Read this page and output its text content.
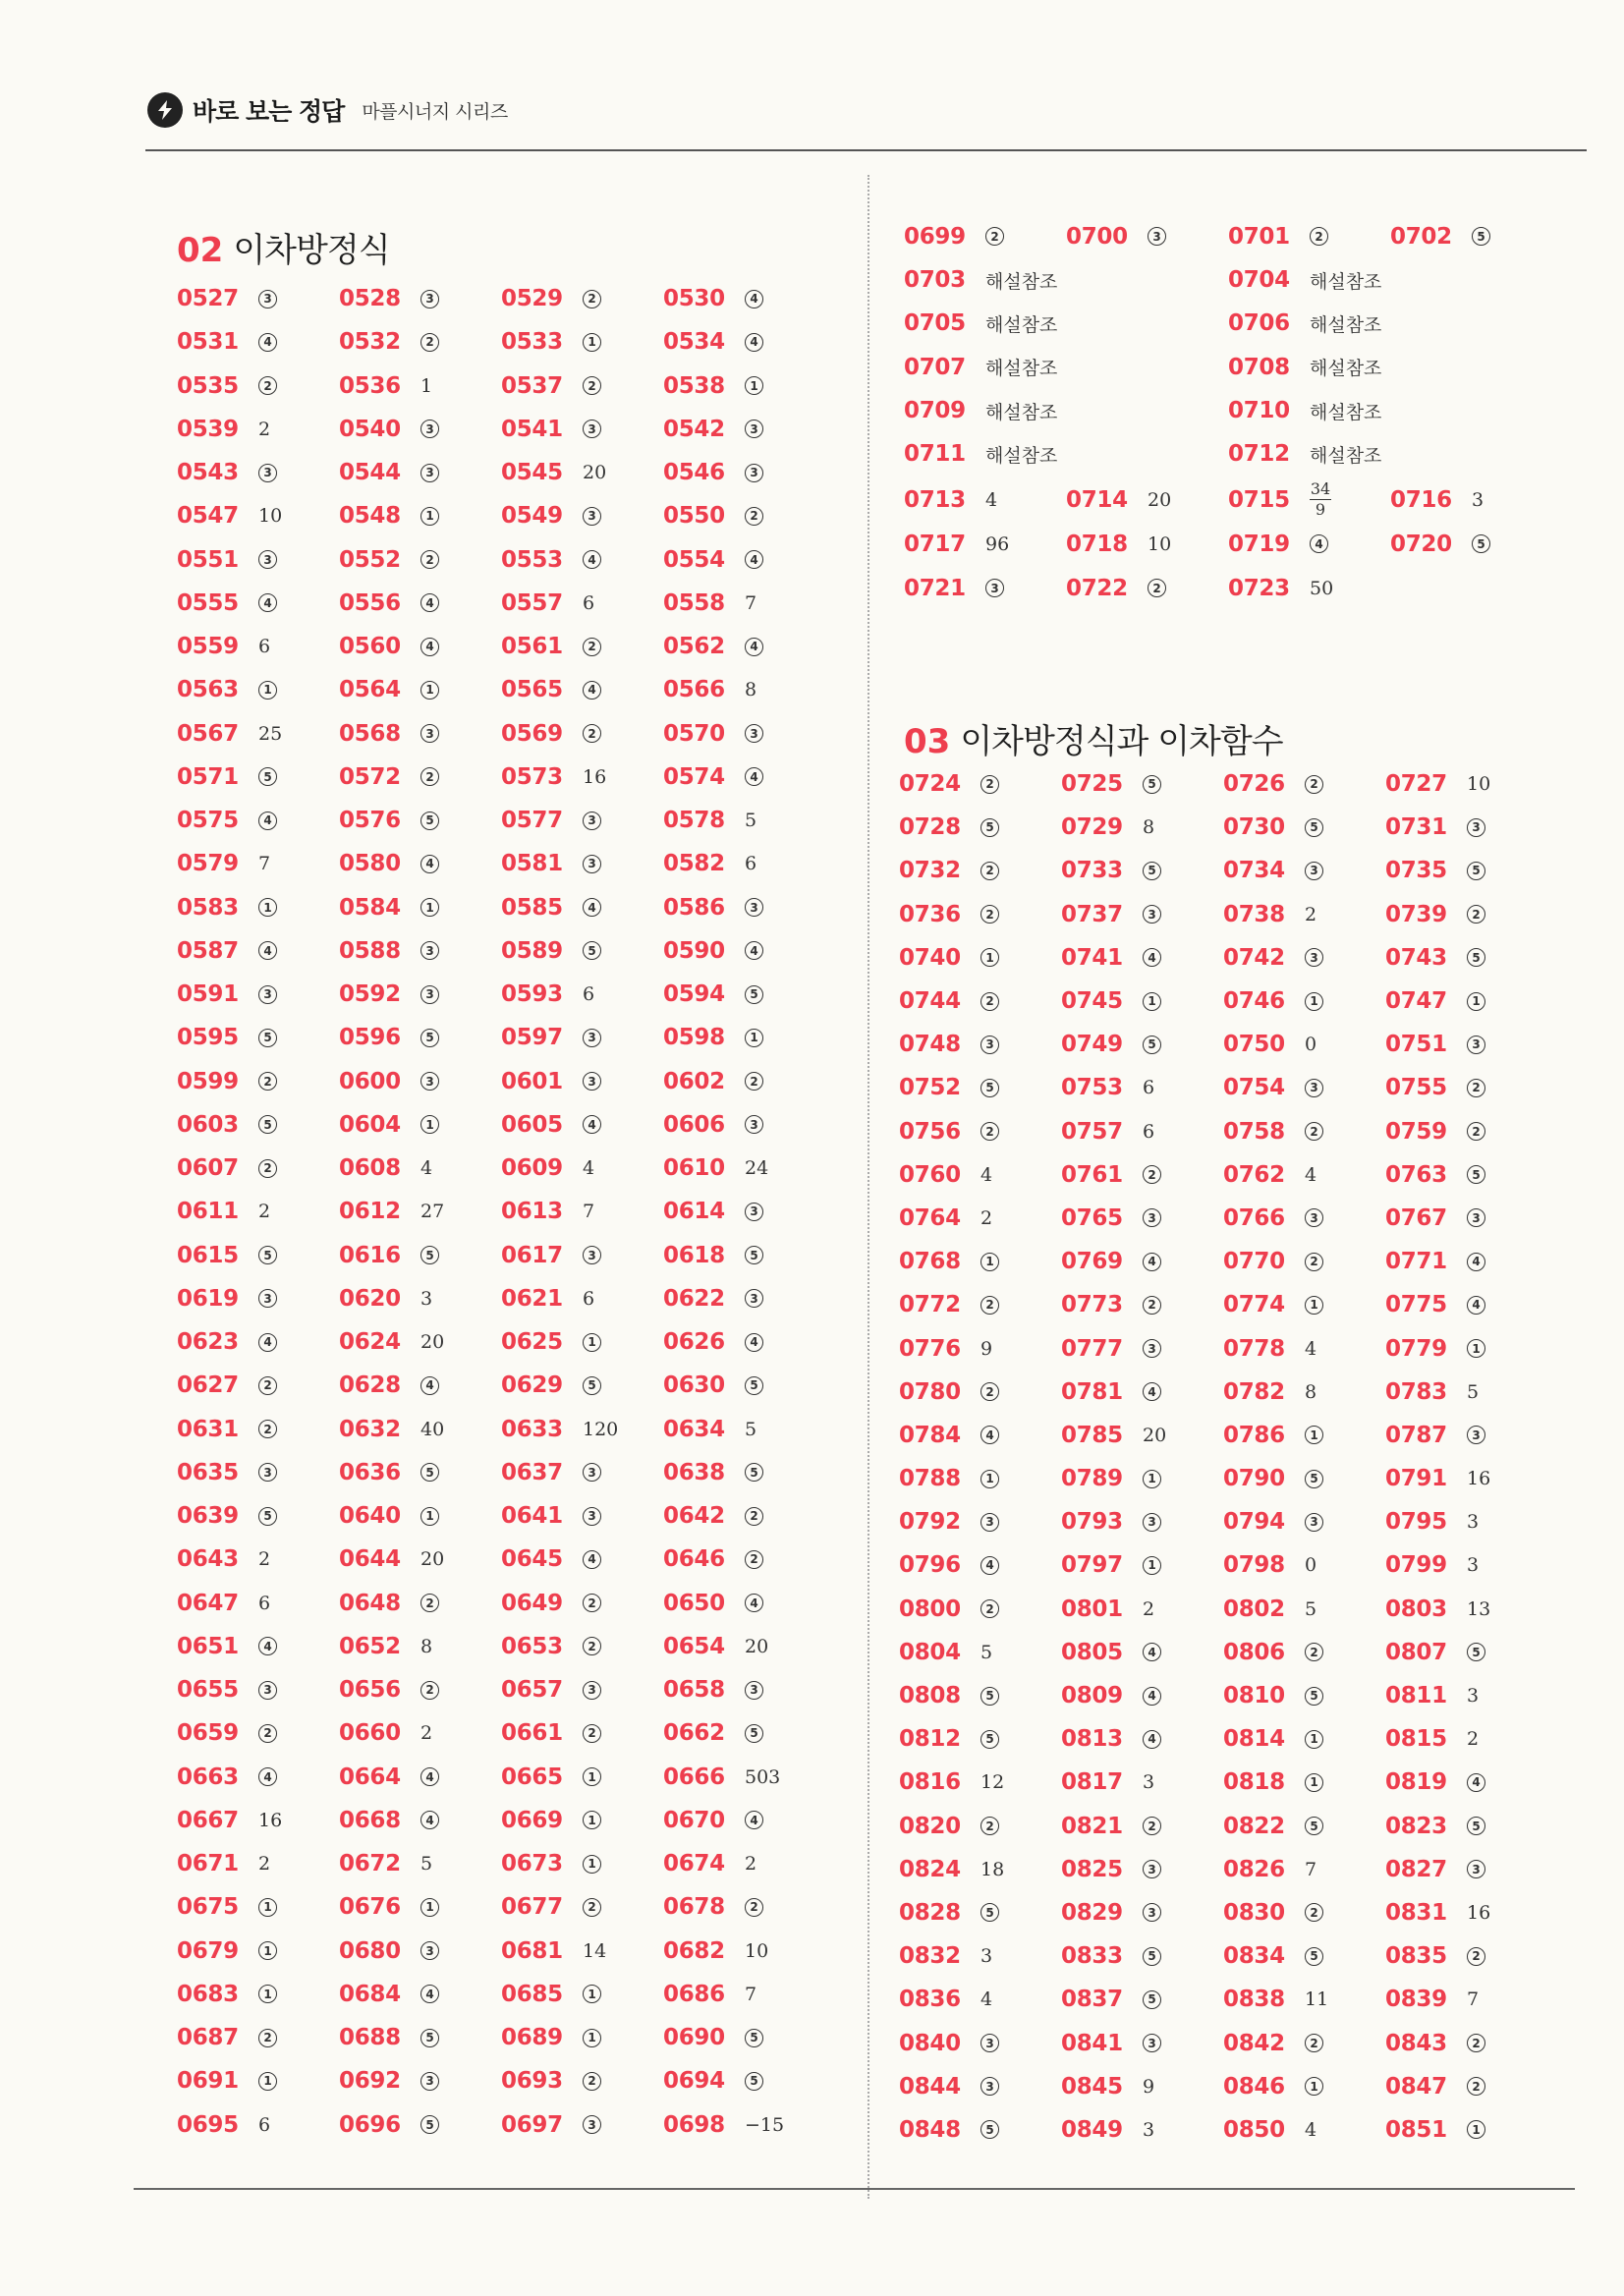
바로 보는 정답 마플시너지 시리즈
02 이차방정식
0527	3	0528	3	0529	2	0530	4
0531	4	0532	2	0533	1	0534	4
0535	2	0536	1	0537	2	0538	1
0539	2	0540	3	0541	3	0542	3
0543	3	0544	3	0545	20	0546	3
0547	10	0548	1	0549	3	0550	2
0551	3	0552	2	0553	4	0554	4
0555	4	0556	4	0557	6	0558	7
0559	6	0560	4	0561	2	0562	4
0563	1	0564	1	0565	4	0566	8
0567	25	0568	3	0569	2	0570	3
0571	5	0572	2	0573	16	0574	4
0575	4	0576	5	0577	3	0578	5
0579	7	0580	4	0581	3	0582	6
0583	1	0584	1	0585	4	0586	3
0587	4	0588	3	0589	5	0590	4
0591	3	0592	3	0593	6	0594	5
0595	5	0596	5	0597	3	0598	1
0599	2	0600	3	0601	3	0602	2
0603	5	0604	1	0605	4	0606	3
0607	2	0608	4	0609	4	0610	24
0611	2	0612	27	0613	7	0614	3
0615	5	0616	5	0617	3	0618	5
0619	3	0620	3	0621	6	0622	3
0623	4	0624	20	0625	1	0626	4
0627	2	0628	4	0629	5	0630	5
0631	2	0632	40	0633	120 0634	5
0635	3	0636	5	0637	3	0638	5
0639	5	0640	1	0641	3	0642	2
0643	2	0644	20	0645	4	0646	2
0647	6	0648	2	0649	2	0650	4
0651	4	0652	8	0653	2	0654	20
0655	3	0656	2	0657	3	0658	3
0659	2	0660	2	0661	2	0662	5
0663	4	0664	4	0665	1	0666	503
0667	16	0668	4	0669	1	0670	4
0671	2	0672	5	0673	1	0674	2
0675	1	0676	1	0677	2	0678	2
0679	1	0680	3	0681	14	0682	10
0683	1	0684	4	0685	1	0686	7
0687	2	0688	5	0689	1	0690	5
0691	1	0692	3	0693	2	0694	5
0695	6	0696	5	0697	3	0698	−15
0699	2	0700	3	0701	2	0702	5
0703	해설참조	0704	해설참조
0705	해설참조	0706	해설참조
0707	해설참조	0708	해설참조
0709	해설참조	0710	해설참조
0711	해설참조	0712	해설참조
0713	4	0714	20	0715	$\frac{34}{9}$	0716	3
0717	96	0718	10	0719	4	0720	5
0721	3	0722	2	0723	50
03 이차방정식과 이차함수
0724	2	0725	5	0726	2	0727	10
0728	5	0729	8	0730	5	0731	3
0732	2	0733	5	0734	3	0735	5
0736	2	0737	3	0738	2	0739	2
0740	1	0741	4	0742	3	0743	5
0744	2	0745	1	0746	1	0747	1
0748	3	0749	5	0750	0	0751	3
0752	5	0753	6	0754	3	0755	2
0756	2	0757	6	0758	2	0759	2
0760	4	0761	2	0762	4	0763	5
0764	2	0765	3	0766	3	0767	3
0768	1	0769	4	0770	2	0771	4
0772	2	0773	2	0774	1	0775	4
0776	9	0777	3	0778	4	0779	1
0780	2	0781	4	0782	8	0783	5
0784	4	0785	20	0786	1	0787	3
0788	1	0789	1	0790	5	0791	16
0792	3	0793	3	0794	3	0795	3
0796	4	0797	1	0798	0	0799	3
0800	2	0801	2	0802	5	0803	13
0804	5	0805	4	0806	2	0807	5
0808	5	0809	4	0810	5	0811	3
0812	5	0813	4	0814	1	0815	2
0816	12	0817	3	0818	1	0819	4
0820	2	0821	2	0822	5	0823	5
0824	18	0825	3	0826	7	0827	3
0828	5	0829	3	0830	2	0831	16
0832	3	0833	5	0834	5	0835	2
0836	4	0837	5	0838	11	0839	7
0840	3	0841	3	0842	2	0843	2
0844	3	0845	9	0846	1	0847	2
0848	5	0849	3	0850	4	0851	1
